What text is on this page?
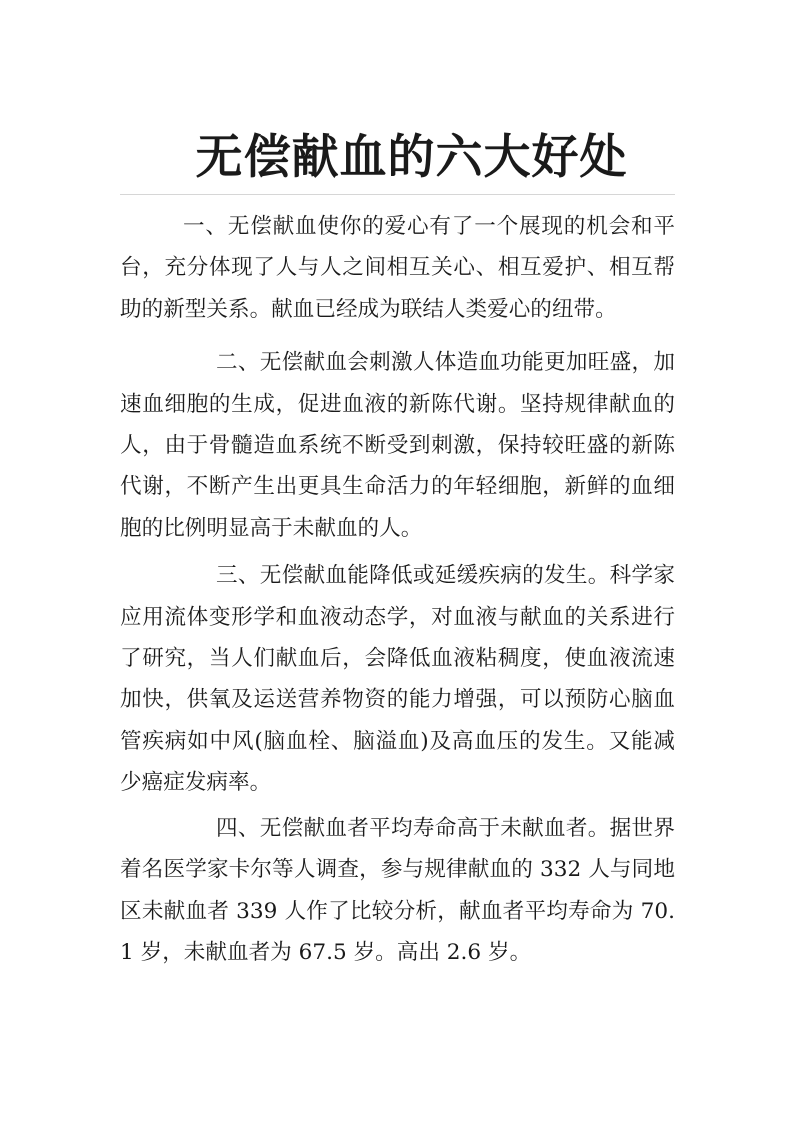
无偿献血的六大好处

一、无偿献血使你的爱心有了一个展现的机会和平台，充分体现了人与人之间相互关心、相互爱护、相互帮助的新型关系。献血已经成为联结人类爱心的纽带。

二、无偿献血会刺激人体造血功能更加旺盛，加速血细胞的生成，促进血液的新陈代谢。坚持规律献血的人，由于骨髓造血系统不断受到刺激，保持较旺盛的新陈代谢，不断产生出更具生命活力的年轻细胞，新鲜的血细胞的比例明显高于未献血的人。

三、无偿献血能降低或延缓疾病的发生。科学家应用流体变形学和血液动态学，对血液与献血的关系进行了研究，当人们献血后，会降低血液粘稠度，使血液流速加快，供氧及运送营养物资的能力增强，可以预防心脑血管疾病如中风(脑血栓、脑溢血)及高血压的发生。又能减少癌症发病率。

四、无偿献血者平均寿命高于未献血者。据世界着名医学家卡尔等人调查，参与规律献血的 332 人与同地区未献血者 339 人作了比较分析，献血者平均寿命为 70.1 岁，未献血者为 67.5 岁。高出 2.6 岁。
